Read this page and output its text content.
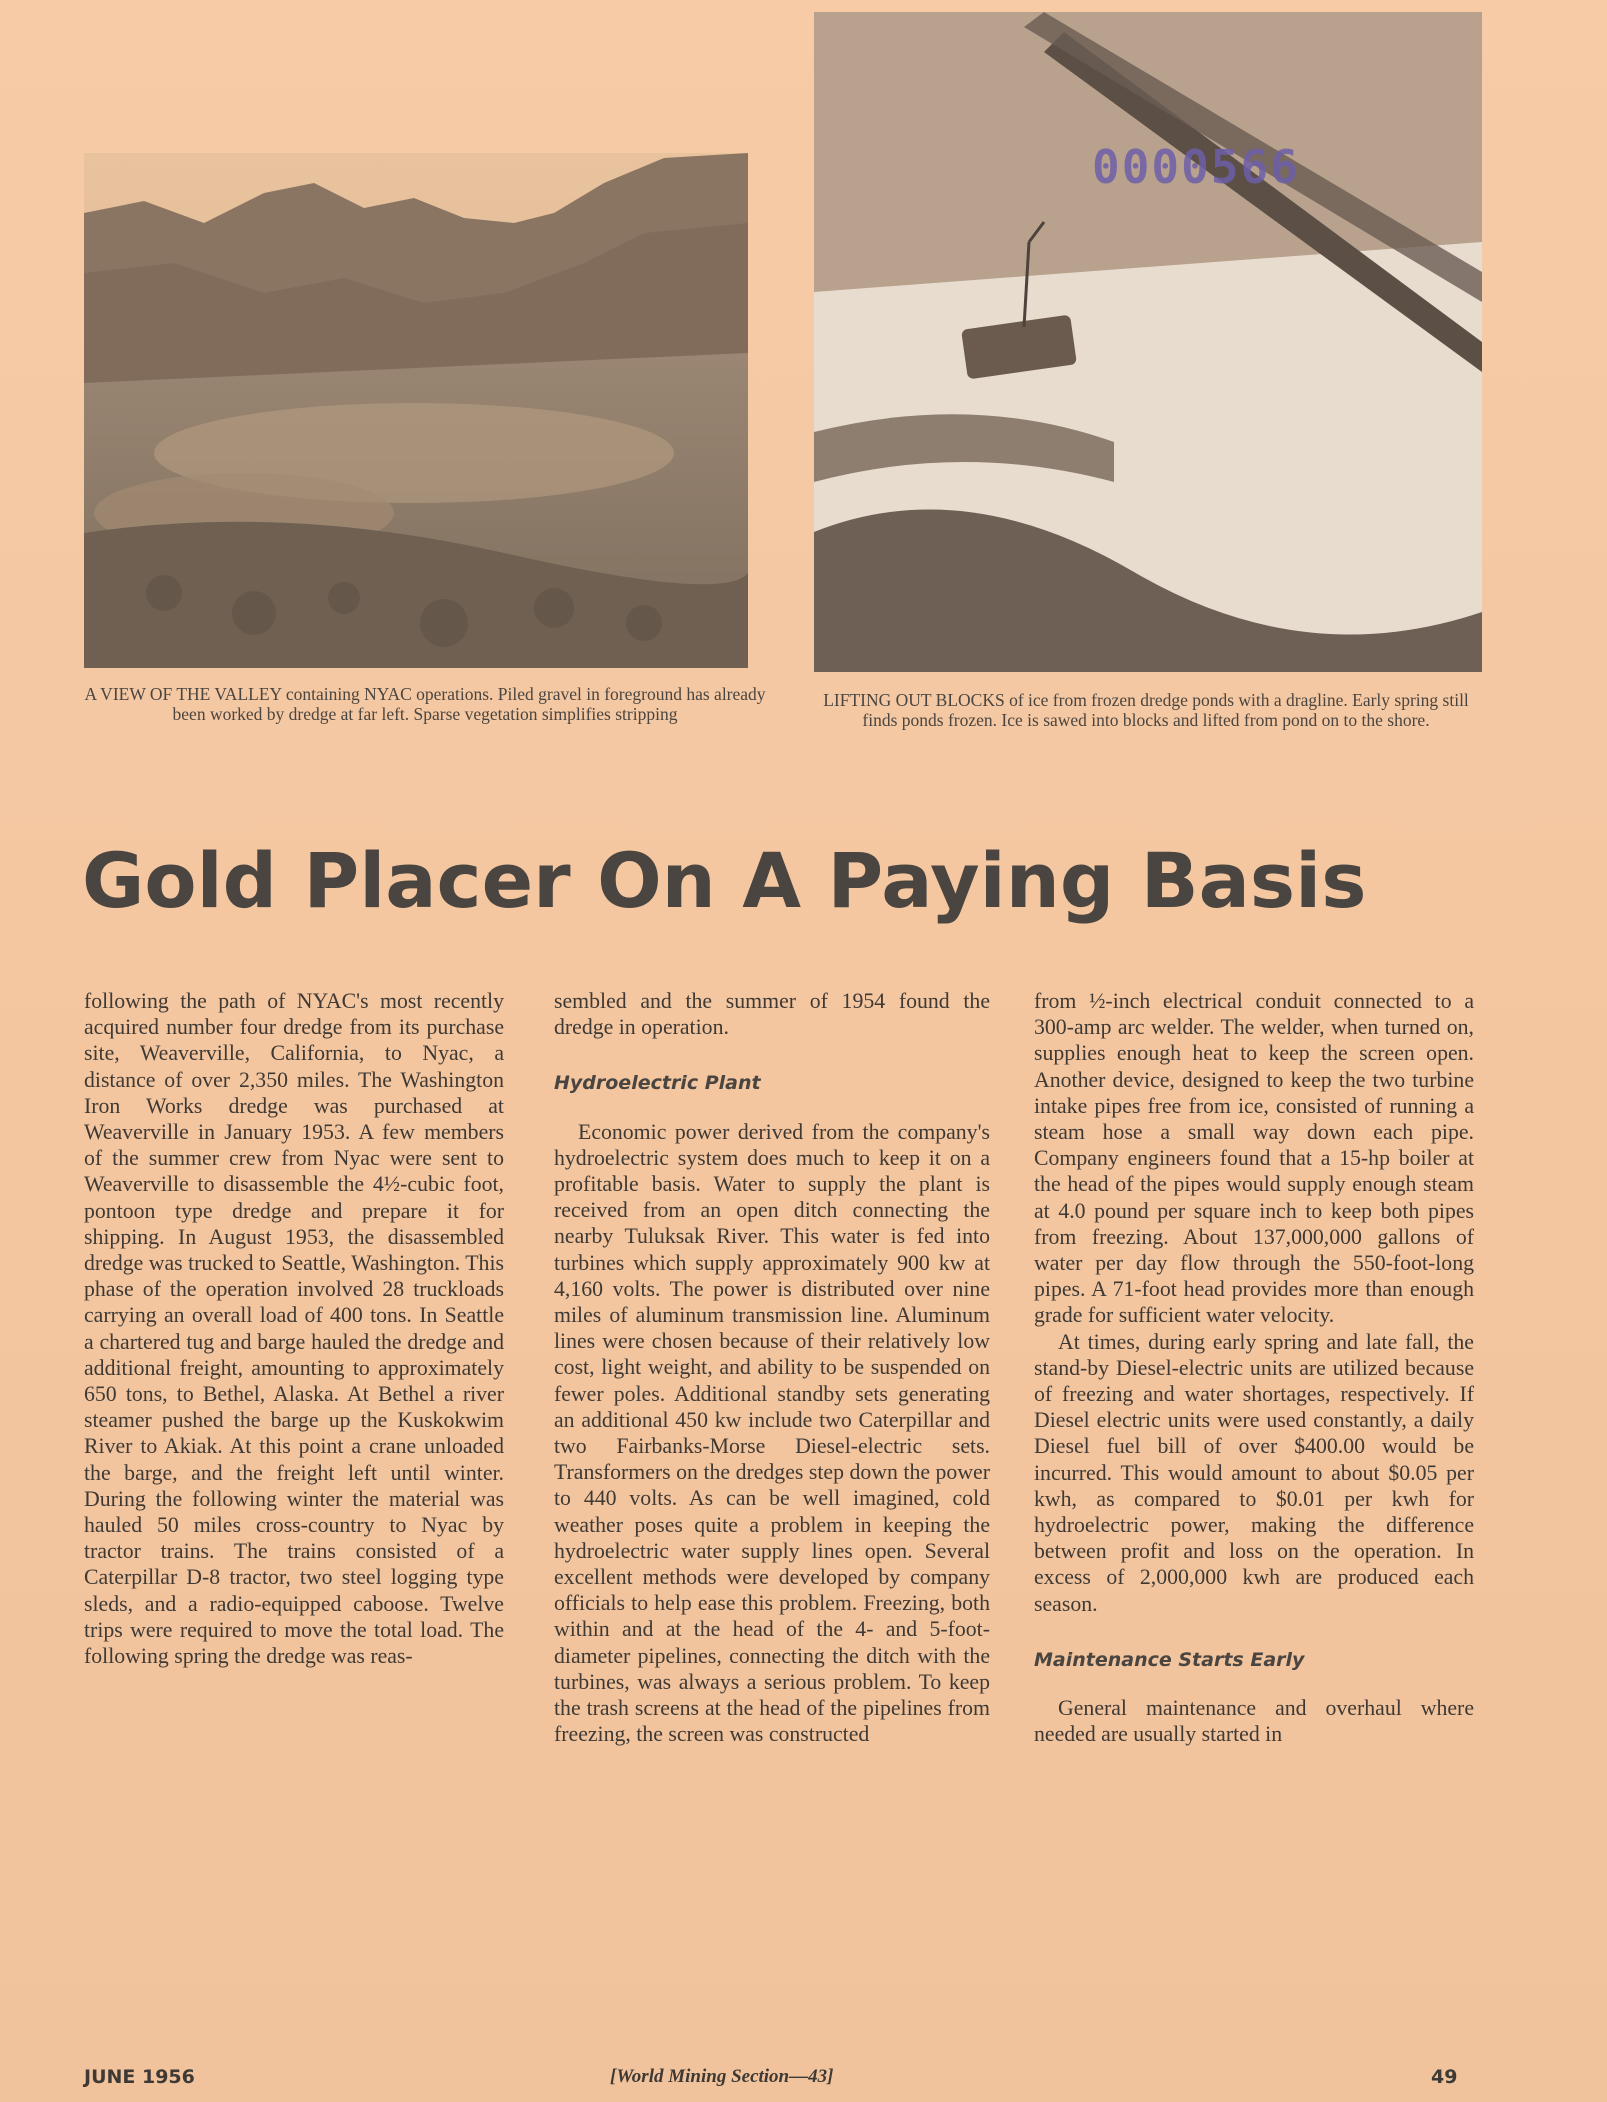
0000566
A VIEW OF THE VALLEY containing NYAC operations. Piled gravel in foreground has already been worked by dredge at far left. Sparse vegetation simplifies stripping
LIFTING OUT BLOCKS of ice from frozen dredge ponds with a dragline. Early spring still finds ponds frozen. Ice is sawed into blocks and lifted from pond on to the shore.
Gold Placer On A Paying Basis

following the path of NYAC's most recently acquired number four dredge from its purchase site, Weaverville, California, to Nyac, a distance of over 2,350 miles. The Washington Iron Works dredge was purchased at Weaverville in January 1953. A few members of the summer crew from Nyac were sent to Weaverville to disassemble the 4½-cubic foot, pontoon type dredge and prepare it for shipping. In August 1953, the disassembled dredge was trucked to Seattle, Washington. This phase of the operation involved 28 truckloads carrying an overall load of 400 tons. In Seattle a chartered tug and barge hauled the dredge and additional freight, amounting to approximately 650 tons, to Bethel, Alaska. At Bethel a river steamer pushed the barge up the Kuskokwim River to Akiak. At this point a crane unloaded the barge, and the freight left until winter. During the following winter the material was hauled 50 miles cross-country to Nyac by tractor trains. The trains consisted of a Caterpillar D-8 tractor, two steel logging type sleds, and a radio-equipped caboose. Twelve trips were required to move the total load. The following spring the dredge was reas-

sembled and the summer of 1954 found the dredge in operation.

Hydroelectric Plant

Economic power derived from the company's hydroelectric system does much to keep it on a profitable basis. Water to supply the plant is received from an open ditch connecting the nearby Tuluksak River. This water is fed into turbines which supply approximately 900 kw at 4,160 volts. The power is distributed over nine miles of aluminum transmission line. Aluminum lines were chosen because of their relatively low cost, light weight, and ability to be suspended on fewer poles. Additional standby sets generating an additional 450 kw include two Caterpillar and two Fairbanks-Morse Diesel-electric sets. Transformers on the dredges step down the power to 440 volts. As can be well imagined, cold weather poses quite a problem in keeping the hydroelectric water supply lines open. Several excellent methods were developed by company officials to help ease this problem. Freezing, both within and at the head of the 4- and 5-foot-diameter pipelines, connecting the ditch with the turbines, was always a serious problem. To keep the trash screens at the head of the pipelines from freezing, the screen was constructed

from ½-inch electrical conduit connected to a 300-amp arc welder. The welder, when turned on, supplies enough heat to keep the screen open. Another device, designed to keep the two turbine intake pipes free from ice, consisted of running a steam hose a small way down each pipe. Company engineers found that a 15-hp boiler at the head of the pipes would supply enough steam at 4.0 pound per square inch to keep both pipes from freezing. About 137,000,000 gallons of water per day flow through the 550-foot-long pipes. A 71-foot head provides more than enough grade for sufficient water velocity.

At times, during early spring and late fall, the stand-by Diesel-electric units are utilized because of freezing and water shortages, respectively. If Diesel electric units were used constantly, a daily Diesel fuel bill of over $400.00 would be incurred. This would amount to about $0.05 per kwh, as compared to $0.01 per kwh for hydroelectric power, making the difference between profit and loss on the operation. In excess of 2,000,000 kwh are produced each season.

Maintenance Starts Early

General maintenance and overhaul where needed are usually started in

JUNE 1956	[World Mining Section—43]	49
